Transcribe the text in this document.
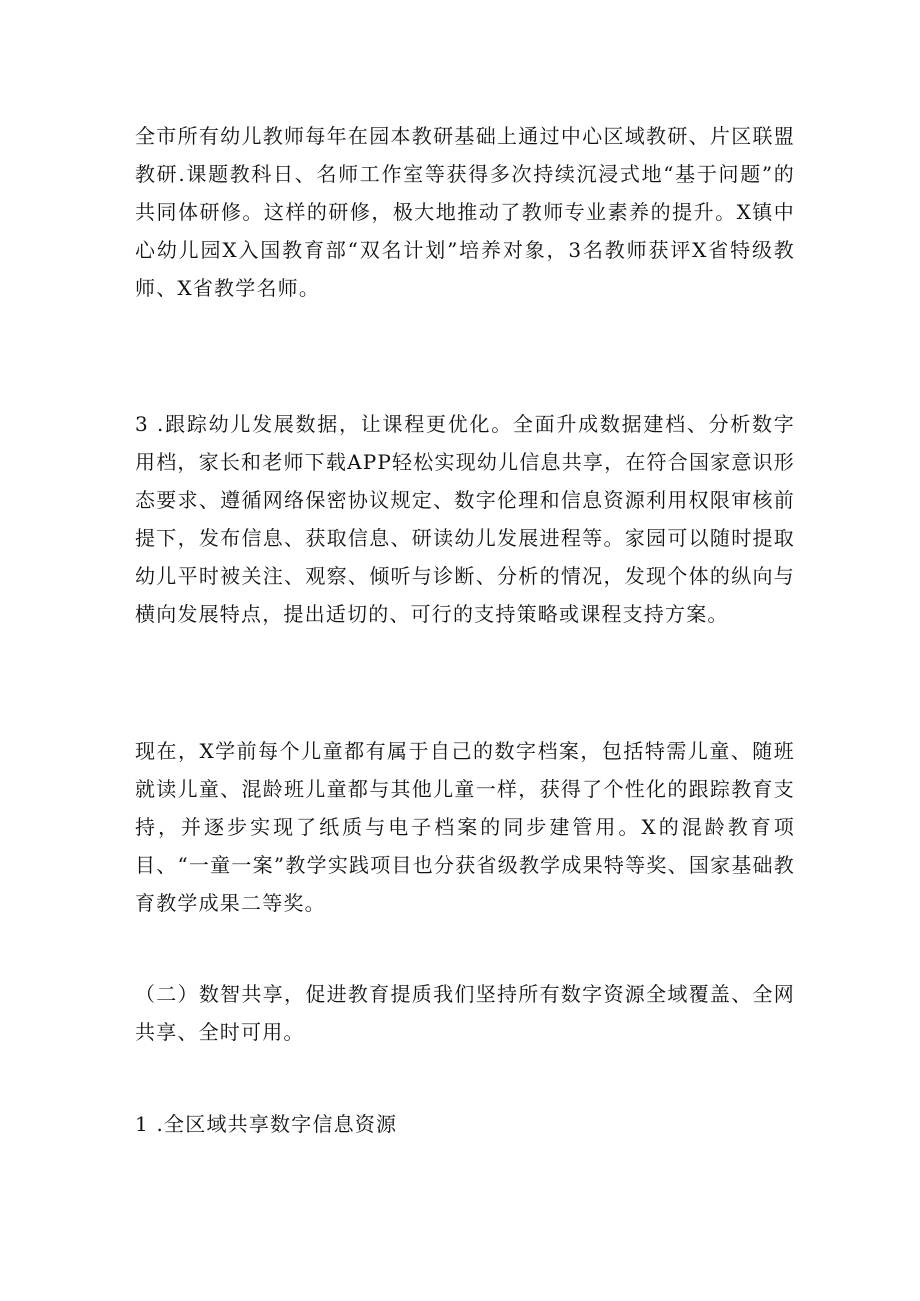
全市所有幼儿教师每年在园本教研基础上通过中心区域教研、片区联盟教研.课题教科日、名师工作室等获得多次持续沉浸式地“基于问题”的共同体研修。这样的研修，极大地推动了教师专业素养的提升。X镇中心幼儿园X入国教育部“双名计划”培养对象，3名教师获评X省特级教师、X省教学名师。

3 .跟踪幼儿发展数据，让课程更优化。全面升成数据建档、分析数字用档，家长和老师下载APP轻松实现幼儿信息共享，在符合国家意识形态要求、遵循网络保密协议规定、数字伦理和信息资源利用权限审核前提下，发布信息、获取信息、研读幼儿发展进程等。家园可以随时提取幼儿平时被关注、观察、倾听与诊断、分析的情况，发现个体的纵向与横向发展特点，提出适切的、可行的支持策略或课程支持方案。

现在，X学前每个儿童都有属于自己的数字档案，包括特需儿童、随班就读儿童、混龄班儿童都与其他儿童一样，获得了个性化的跟踪教育支持，并逐步实现了纸质与电子档案的同步建管用。X的混龄教育项目、“一童一案”教学实践项目也分获省级教学成果特等奖、国家基础教育教学成果二等奖。

（二）数智共享，促进教育提质我们坚持所有数字资源全域覆盖、全网共享、全时可用。

1 .全区域共享数字信息资源
